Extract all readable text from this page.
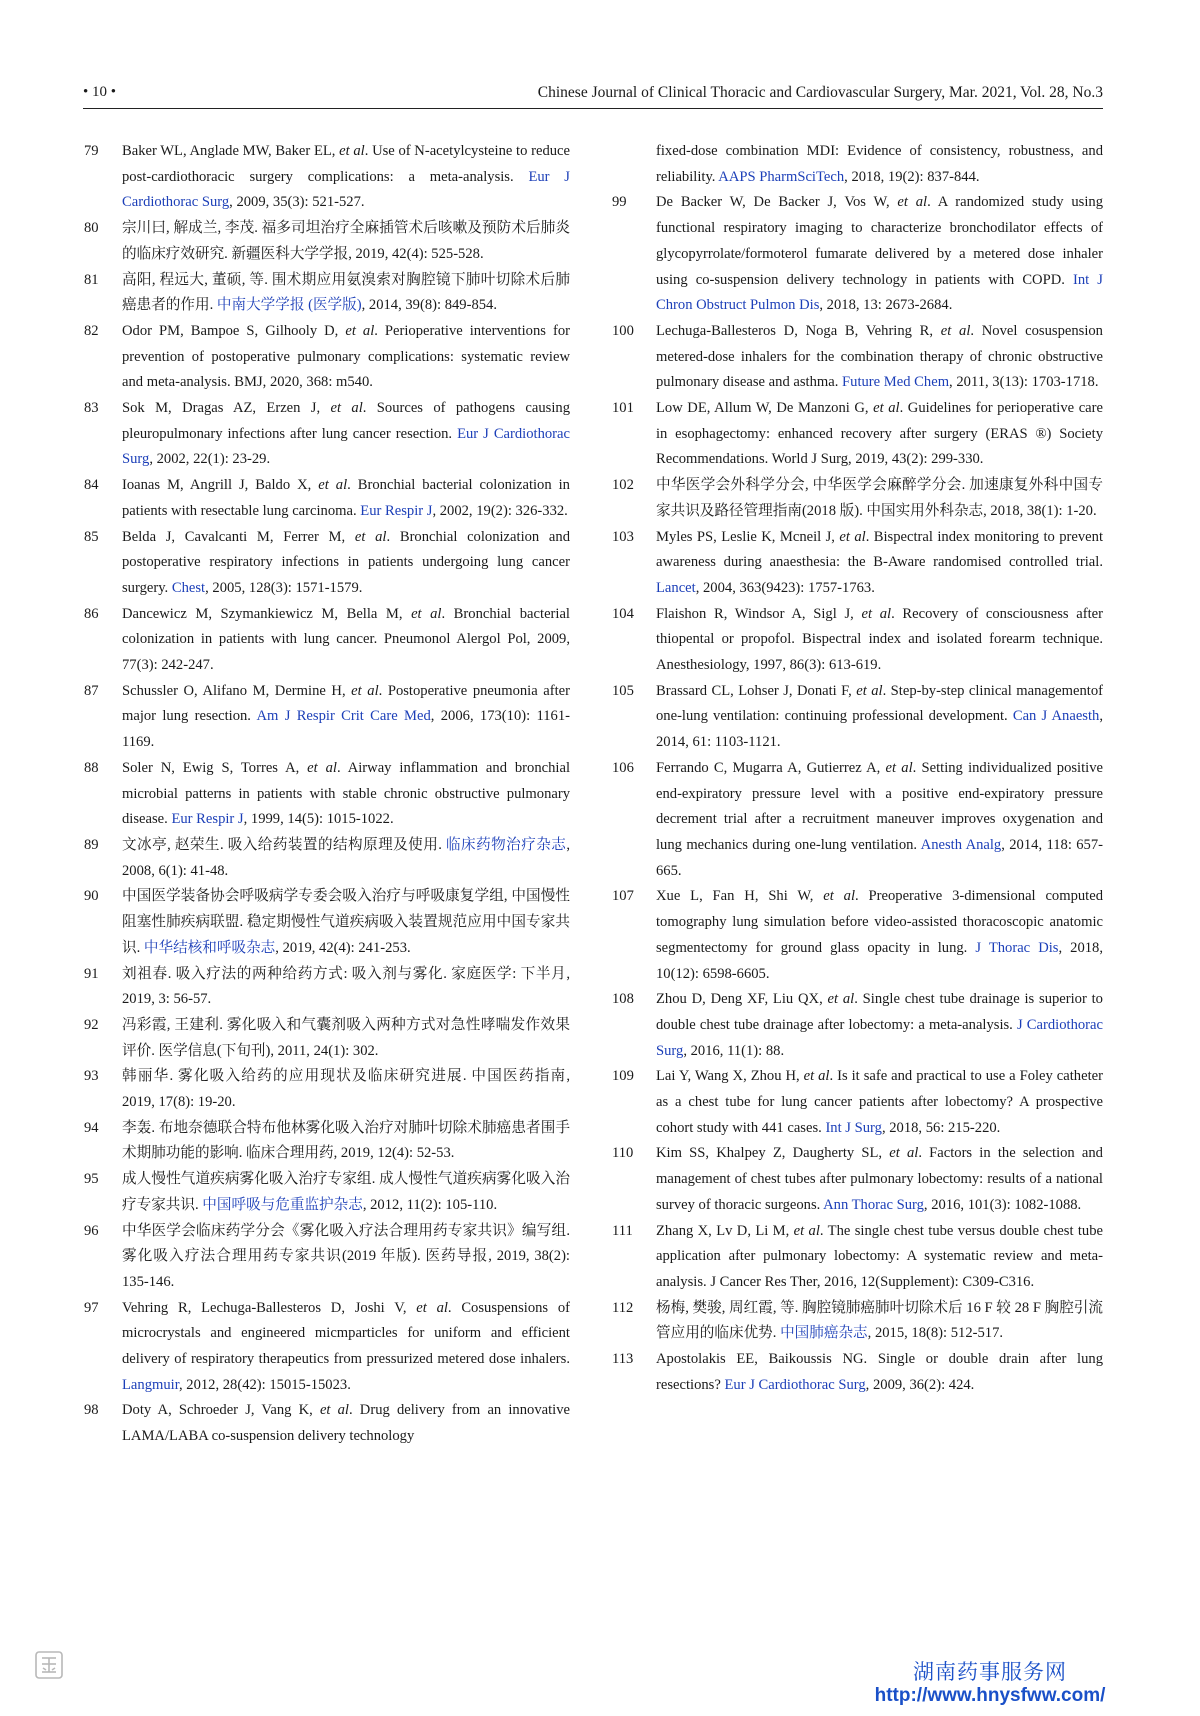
• 10 •	Chinese Journal of Clinical Thoracic and Cardiovascular Surgery, Mar. 2021, Vol. 28, No.3
79	Baker WL, Anglade MW, Baker EL, et al. Use of N-acetylcysteine to reduce post-cardiothoracic surgery complications: a meta-analysis. Eur J Cardiothorac Surg, 2009, 35(3): 521-527.
80	宗川曰, 解成兰, 李茂. 福多司坦治疗全麻插管术后咳嗽及预防术后肺炎的临床疗效研究. 新疆医科大学学报, 2019, 42(4): 525-528.
81	高阳, 程远大, 董硕, 等. 围术期应用氨溴索对胸腔镜下肺叶切除术后肺癌患者的作用. 中南大学学报 (医学版), 2014, 39(8): 849-854.
82	Odor PM, Bampoe S, Gilhooly D, et al. Perioperative interventions for prevention of postoperative pulmonary complications: systematic review and meta-analysis. BMJ, 2020, 368: m540.
83	Sok M, Dragas AZ, Erzen J, et al. Sources of pathogens causing pleuropulmonary infections after lung cancer resection. Eur J Cardiothorac Surg, 2002, 22(1): 23-29.
84	Ioanas M, Angrill J, Baldo X, et al. Bronchial bacterial colonization in patients with resectable lung carcinoma. Eur Respir J, 2002, 19(2): 326-332.
85	Belda J, Cavalcanti M, Ferrer M, et al. Bronchial colonization and postoperative respiratory infections in patients undergoing lung cancer surgery. Chest, 2005, 128(3): 1571-1579.
86	Dancewicz M, Szymankiewicz M, Bella M, et al. Bronchial bacterial colonization in patients with lung cancer. Pneumonol Alergol Pol, 2009, 77(3): 242-247.
87	Schussler O, Alifano M, Dermine H, et al. Postoperative pneumonia after major lung resection. Am J Respir Crit Care Med, 2006, 173(10): 1161-1169.
88	Soler N, Ewig S, Torres A, et al. Airway inflammation and bronchial microbial patterns in patients with stable chronic obstructive pulmonary disease. Eur Respir J, 1999, 14(5): 1015-1022.
89	文冰亭, 赵荣生. 吸入给药装置的结构原理及使用. 临床药物治疗杂志, 2008, 6(1): 41-48.
90	中国医学装备协会呼吸病学专委会吸入治疗与呼吸康复学组, 中国慢性阻塞性肺疾病联盟. 稳定期慢性气道疾病吸入装置规范应用中国专家共识. 中华结核和呼吸杂志, 2019, 42(4): 241-253.
91	刘祖春. 吸入疗法的两种给药方式: 吸入剂与雾化. 家庭医学: 下半月, 2019, 3: 56-57.
92	冯彩霞, 王建利. 雾化吸入和气囊剂吸入两种方式对急性哮喘发作效果评价. 医学信息(下旬刊), 2011, 24(1): 302.
93	韩丽华. 雾化吸入给药的应用现状及临床研究进展. 中国医药指南, 2019, 17(8): 19-20.
94	李轰. 布地奈德联合特布他林雾化吸入治疗对肺叶切除术肺癌患者围手术期肺功能的影响. 临床合理用药, 2019, 12(4): 52-53.
95	成人慢性气道疾病雾化吸入治疗专家组. 成人慢性气道疾病雾化吸入治疗专家共识. 中国呼吸与危重监护杂志, 2012, 11(2): 105-110.
96	中华医学会临床药学分会《雾化吸入疗法合理用药专家共识》编写组. 雾化吸入疗法合理用药专家共识(2019 年版). 医药导报, 2019, 38(2): 135-146.
97	Vehring R, Lechuga-Ballesteros D, Joshi V, et al. Cosuspensions of microcrystals and engineered micmparticles for uniform and efficient delivery of respiratory therapeutics from pressurized metered dose inhalers. Langmuir, 2012, 28(42): 15015-15023.
98	Doty A, Schroeder J, Vang K, et al. Drug delivery from an innovative LAMA/LABA co-suspension delivery technology
fixed-dose combination MDI: Evidence of consistency, robustness, and reliability. AAPS PharmSciTech, 2018, 19(2): 837-844.
99	De Backer W, De Backer J, Vos W, et al. A randomized study using functional respiratory imaging to characterize bronchodilator effects of glycopyrrolate/formoterol fumarate delivered by a metered dose inhaler using co-suspension delivery technology in patients with COPD. Int J Chron Obstruct Pulmon Dis, 2018, 13: 2673-2684.
100	Lechuga-Ballesteros D, Noga B, Vehring R, et al. Novel cosuspension metered-dose inhalers for the combination therapy of chronic obstructive pulmonary disease and asthma. Future Med Chem, 2011, 3(13): 1703-1718.
101	Low DE, Allum W, De Manzoni G, et al. Guidelines for perioperative care in esophagectomy: enhanced recovery after surgery (ERAS ®) Society Recommendations. World J Surg, 2019, 43(2): 299-330.
102	中华医学会外科学分会, 中华医学会麻醉学分会. 加速康复外科中国专家共识及路径管理指南(2018 版). 中国实用外科杂志, 2018, 38(1): 1-20.
103	Myles PS, Leslie K, Mcneil J, et al. Bispectral index monitoring to prevent awareness during anaesthesia: the B-Aware randomised controlled trial. Lancet, 2004, 363(9423): 1757-1763.
104	Flaishon R, Windsor A, Sigl J, et al. Recovery of consciousness after thiopental or propofol. Bispectral index and isolated forearm technique. Anesthesiology, 1997, 86(3): 613-619.
105	Brassard CL, Lohser J, Donati F, et al. Step-by-step clinical managementof one-lung ventilation: continuing professional development. Can J Anaesth, 2014, 61: 1103-1121.
106	Ferrando C, Mugarra A, Gutierrez A, et al. Setting individualized positive end-expiratory pressure level with a positive end-expiratory pressure decrement trial after a recruitment maneuver improves oxygenation and lung mechanics during one-lung ventilation. Anesth Analg, 2014, 118: 657-665.
107	Xue L, Fan H, Shi W, et al. Preoperative 3-dimensional computed tomography lung simulation before video-assisted thoracoscopic anatomic segmentectomy for ground glass opacity in lung. J Thorac Dis, 2018, 10(12): 6598-6605.
108	Zhou D, Deng XF, Liu QX, et al. Single chest tube drainage is superior to double chest tube drainage after lobectomy: a meta-analysis. J Cardiothorac Surg, 2016, 11(1): 88.
109	Lai Y, Wang X, Zhou H, et al. Is it safe and practical to use a Foley catheter as a chest tube for lung cancer patients after lobectomy? A prospective cohort study with 441 cases. Int J Surg, 2018, 56: 215-220.
110	Kim SS, Khalpey Z, Daugherty SL, et al. Factors in the selection and management of chest tubes after pulmonary lobectomy: results of a national survey of thoracic surgeons. Ann Thorac Surg, 2016, 101(3): 1082-1088.
111	Zhang X, Lv D, Li M, et al. The single chest tube versus double chest tube application after pulmonary lobectomy: A systematic review and meta-analysis. J Cancer Res Ther, 2016, 12(Supplement): C309-C316.
112	杨梅, 樊骏, 周红霞, 等. 胸腔镜肺癌肺叶切除术后 16 F 较 28 F 胸腔引流管应用的临床优势. 中国肺癌杂志, 2015, 18(8): 512-517.
113	Apostolakis EE, Baikoussis NG. Single or double drain after lung resections? Eur J Cardiothorac Surg, 2009, 36(2): 424.
湖南药事服务网
http://www.hnysfww.com/
